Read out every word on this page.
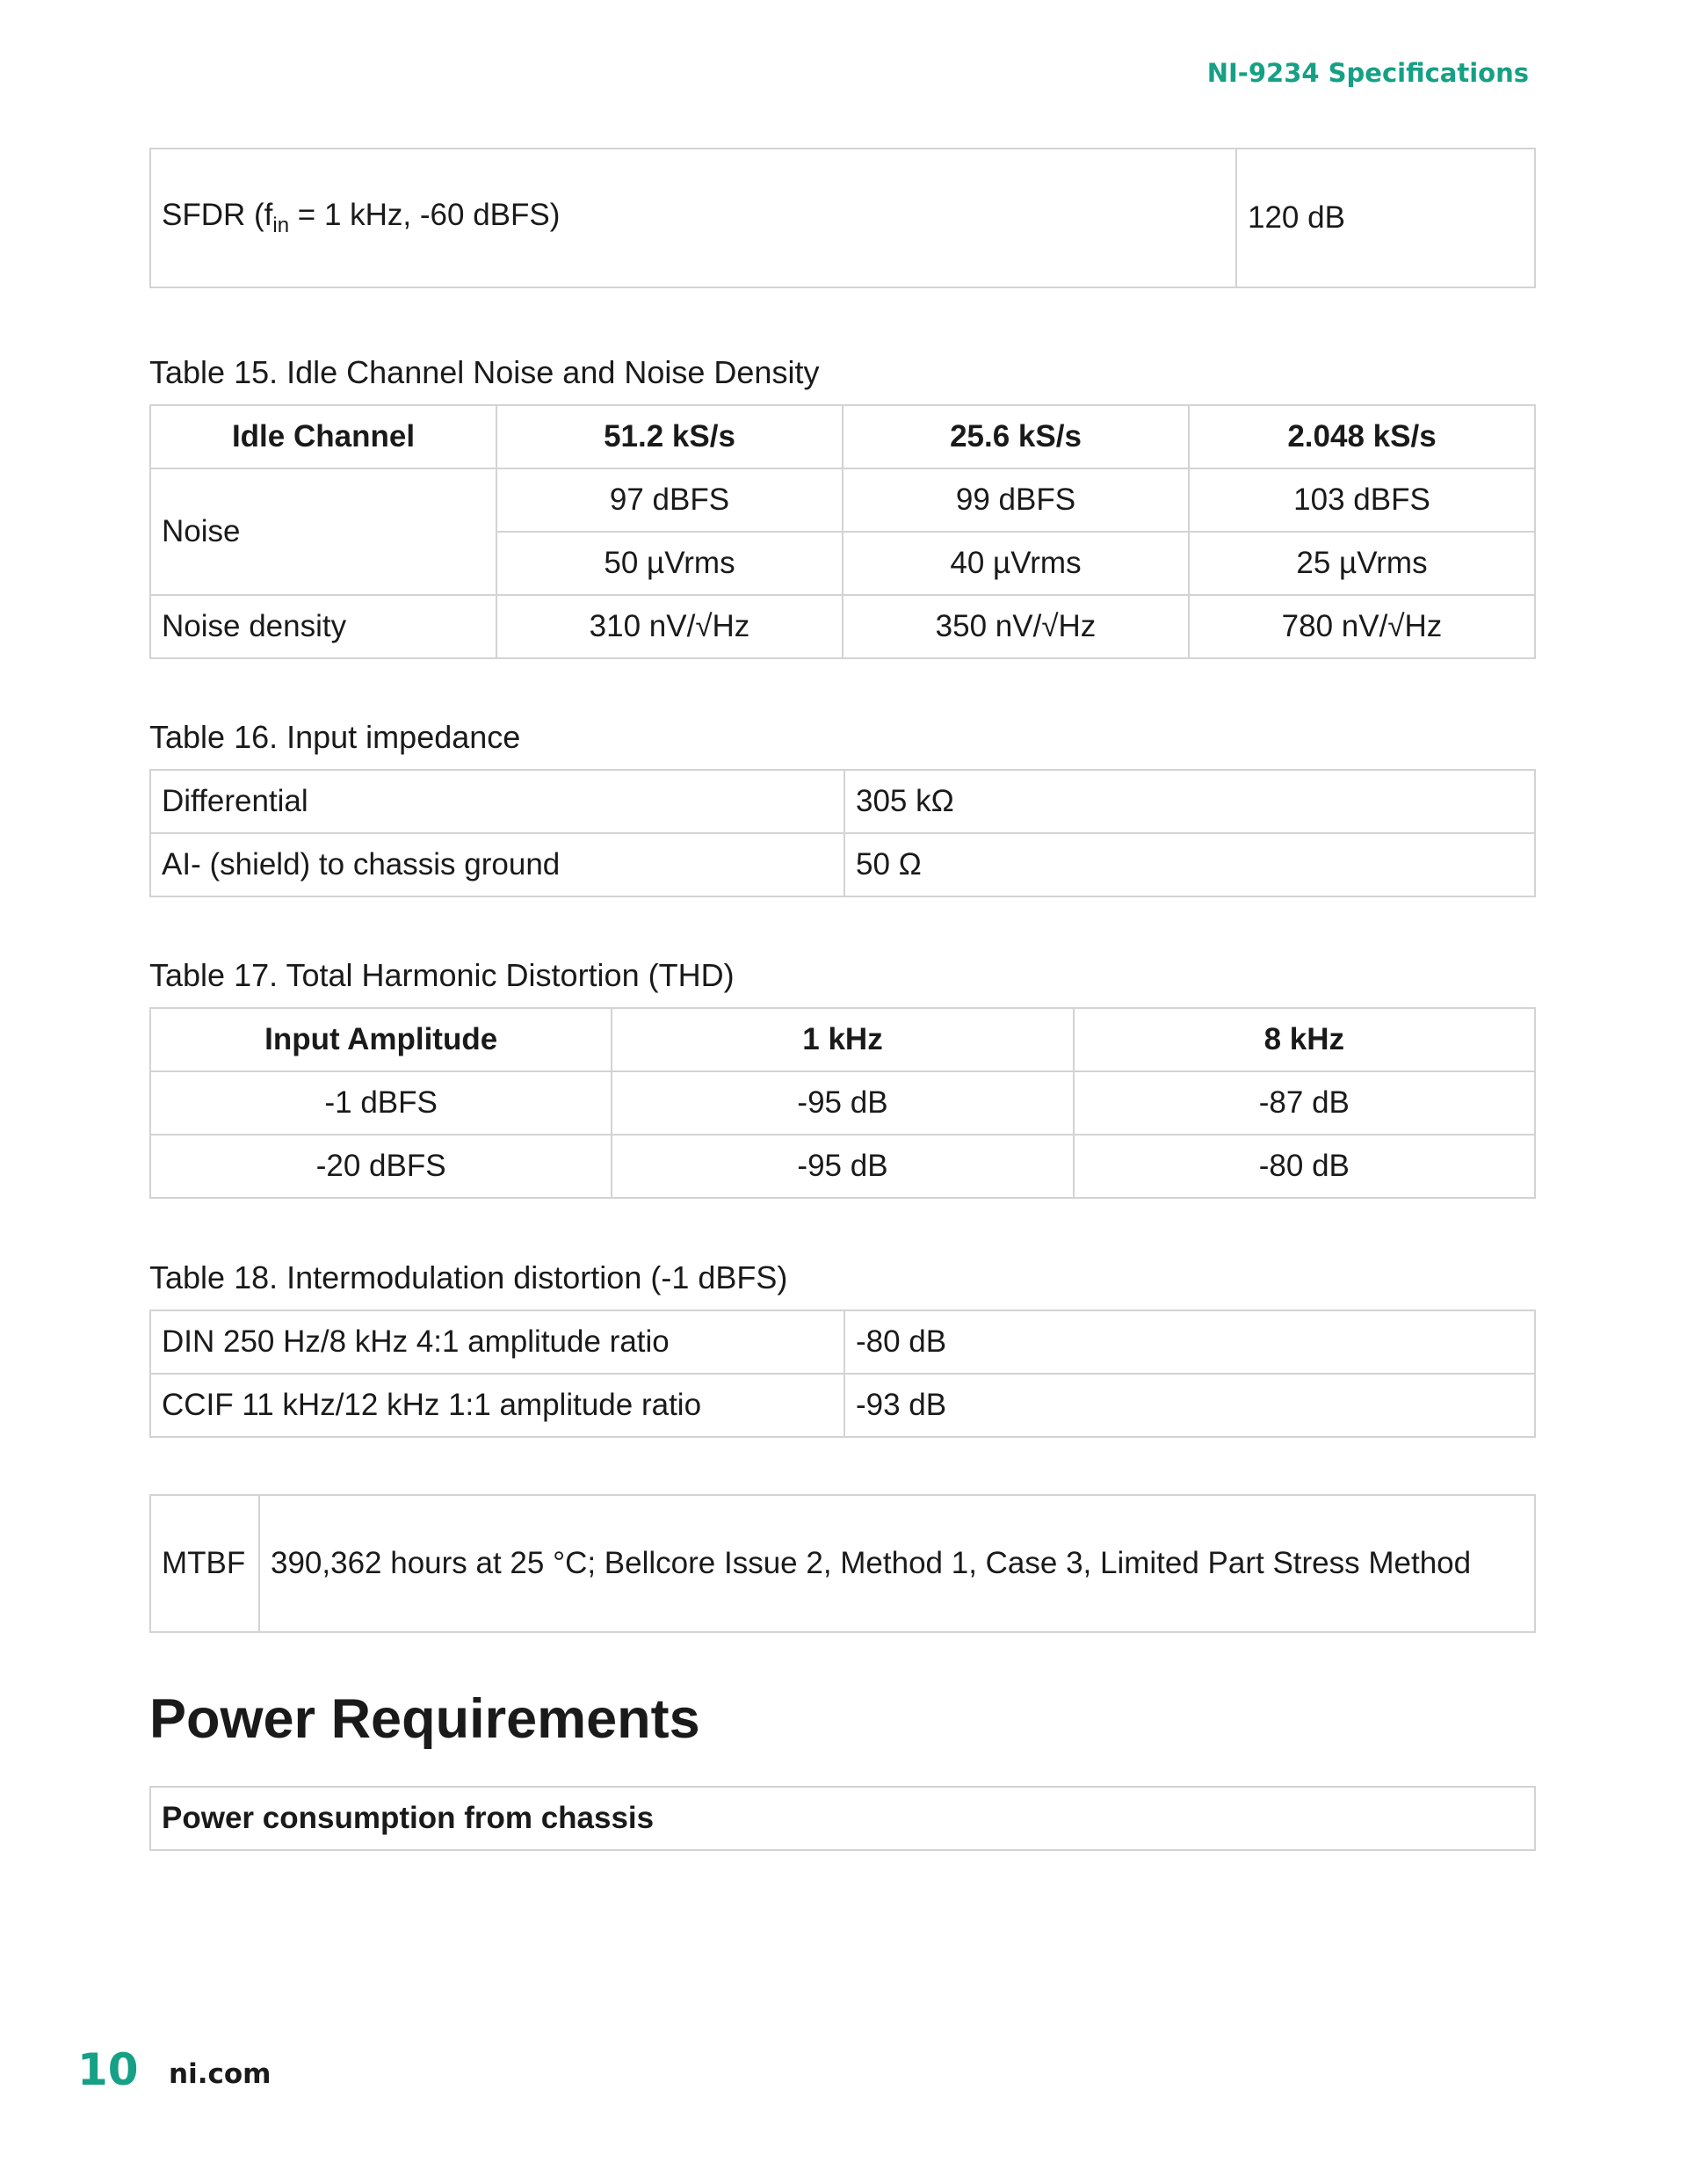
NI-9234 Specifications
SFDR ($f_{in} = 1$ kHz, -60 dBFS)	120 dB
Table 15. Idle Channel Noise and Noise Density
Idle Channel	51.2 kS/s	25.6 kS/s	2.048 kS/s
Noise	97 dBFS	99 dBFS	103 dBFS
	50 µVrms	40 µVrms	25 µVrms
Noise density	310 nV/√Hz	350 nV/√Hz	780 nV/√Hz
Table 16. Input impedance
Differential	305 kΩ
AI- (shield) to chassis ground	50 Ω
Table 17. Total Harmonic Distortion (THD)
Input Amplitude	1 kHz	8 kHz
-1 dBFS	-95 dB	-87 dB
-20 dBFS	-95 dB	-80 dB
Table 18. Intermodulation distortion (-1 dBFS)
DIN 250 Hz/8 kHz 4:1 amplitude ratio	-80 dB
CCIF 11 kHz/12 kHz 1:1 amplitude ratio	-93 dB
MTBF	390,362 hours at 25 °C; Bellcore Issue 2, Method 1, Case 3, Limited Part Stress Method
Power Requirements
Power consumption from chassis
10 ni.com
